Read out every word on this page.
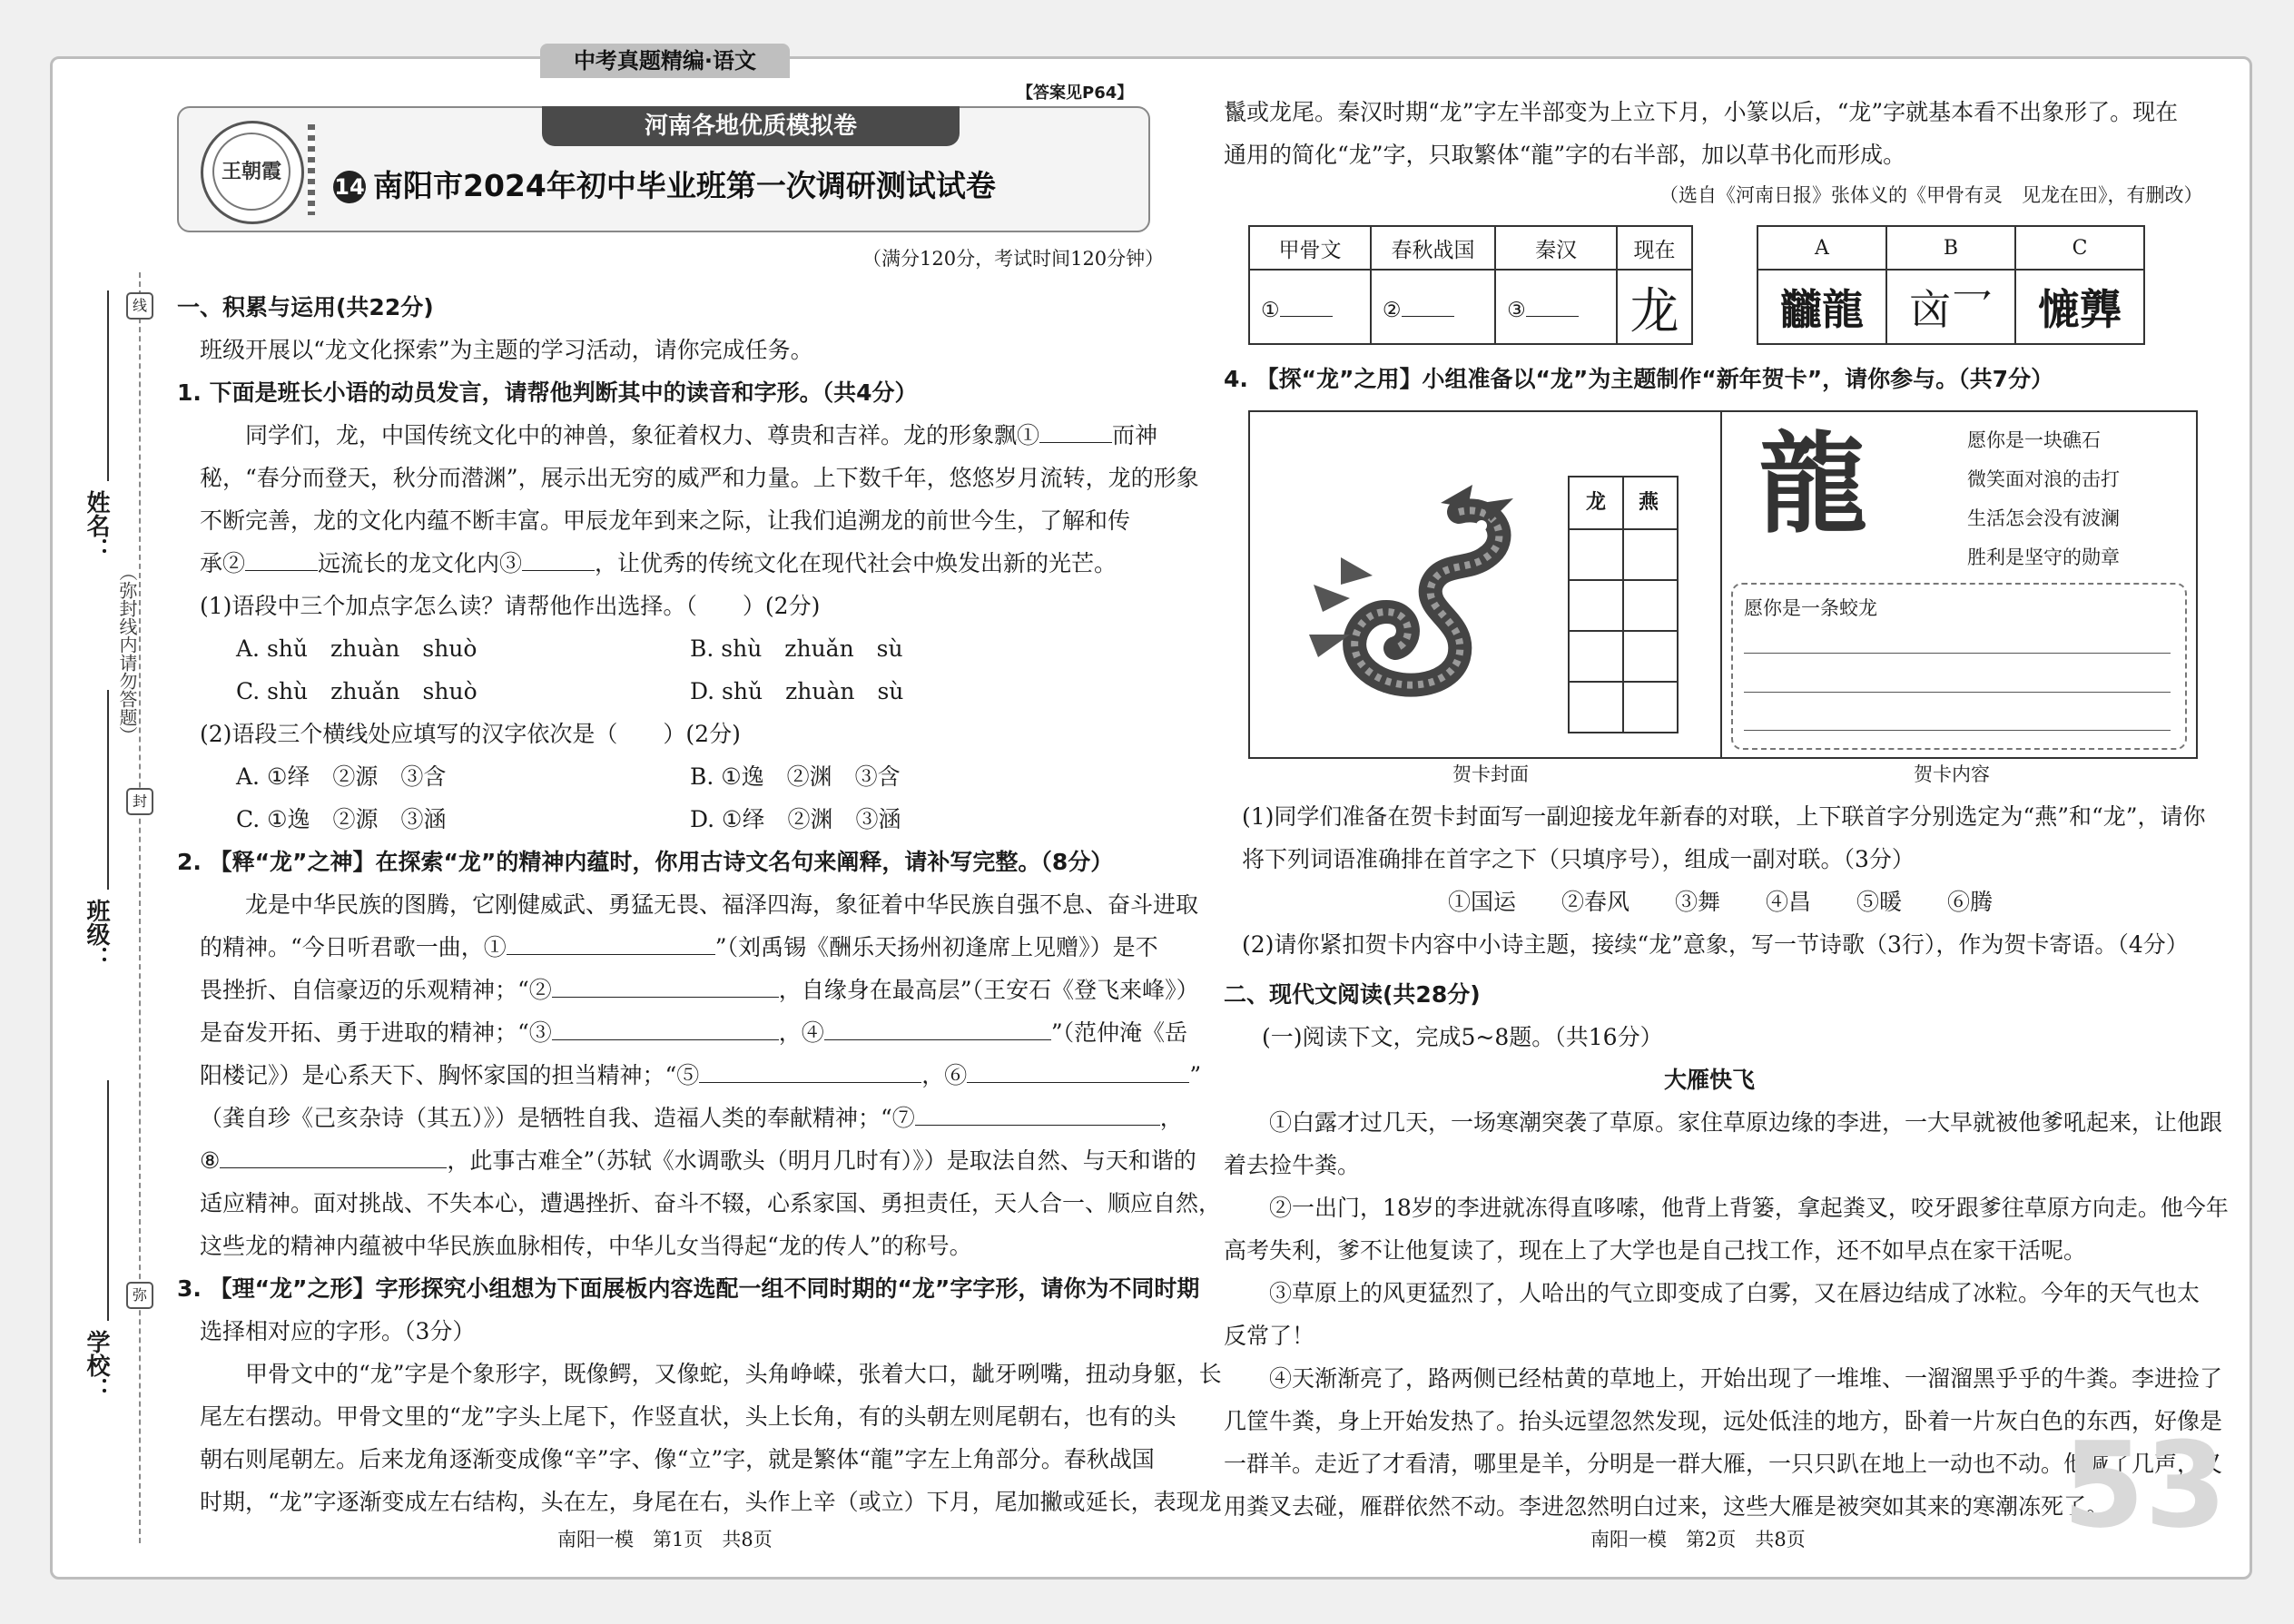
中考真题精编·语文
【答案见P64】
河南各地优质模拟卷
王朝霞
14 南阳市2024年初中毕业班第一次调研测试试卷
（满分120分，考试时间120分钟）
线
封
弥
（弥封线内请勿答题）
姓名：
班级：
学校：
一、积累与运用(共22分)
班级开展以“龙文化探索”为主题的学习活动，请你完成任务。
1. 下面是班长小语的动员发言，请帮他判断其中的读音和字形。（共4分）
同学们，龙，中国传统文化中的神兽，象征着权力、尊贵和吉祥。龙的形象飘①	而神
秘，“春分而登天，秋分而潜渊”，展示出无穷的威严和力量。上下数千年，悠悠岁月流转，龙的形象
不断完善，龙的文化内蕴不断丰富。甲辰龙年到来之际，让我们追溯龙的前世今生，了解和传
承②	远流长的龙文化内③	，让优秀的传统文化在现代社会中焕发出新的光芒。
(1)语段中三个加点字怎么读？请帮他作出选择。（　　）(2分)
A. shǔ　zhuàn　shuò	B. shù　zhuǎn　sù
C. shù　zhuǎn　shuò	D. shǔ　zhuàn　sù
(2)语段三个横线处应填写的汉字依次是（　　）(2分)
A. ①绎　②源　③含	B. ①逸　②渊　③含
C. ①逸　②源　③涵	D. ①绎　②渊　③涵
2. 【释“龙”之神】在探索“龙”的精神内蕴时，你用古诗文名句来阐释，请补写完整。（8分）
龙是中华民族的图腾，它刚健威武、勇猛无畏、福泽四海，象征着中华民族自强不息、奋斗进取
的精神。“今日听君歌一曲，①	”（刘禹锡《酬乐天扬州初逢席上见赠》）是不
畏挫折、自信豪迈的乐观精神；“②	，自缘身在最高层”（王安石《登飞来峰》）
是奋发开拓、勇于进取的精神；“③	，④	”（范仲淹《岳
阳楼记》）是心系天下、胸怀家国的担当精神；“⑤	，⑥	”
（龚自珍《己亥杂诗（其五）》）是牺牲自我、造福人类的奉献精神；“⑦	，
⑧	，此事古难全”（苏轼《水调歌头（明月几时有）》）是取法自然、与天和谐的
适应精神。面对挑战、不失本心，遭遇挫折、奋斗不辍，心系家国、勇担责任，天人合一、顺应自然，
这些龙的精神内蕴被中华民族血脉相传，中华儿女当得起“龙的传人”的称号。
3. 【理“龙”之形】字形探究小组想为下面展板内容选配一组不同时期的“龙”字字形，请你为不同时期
选择相对应的字形。（3分）
甲骨文中的“龙”字是个象形字，既像鳄，又像蛇，头角峥嵘，张着大口，龇牙咧嘴，扭动身躯，长
尾左右摆动。甲骨文里的“龙”字头上尾下，作竖直状，头上长角，有的头朝左则尾朝右，也有的头
朝右则尾朝左。后来龙角逐渐变成像“辛”字、像“立”字，就是繁体“龍”字左上角部分。春秋战国
时期，“龙”字逐渐变成左右结构，头在左，身尾在右，头作上辛（或立）下月，尾加撇或延长，表现龙
南阳一模　第1页　共8页
鬣或龙尾。秦汉时期“龙”字左半部变为上立下月，小篆以后，“龙”字就基本看不出象形了。现在
通用的简化“龙”字，只取繁体“龍”字的右半部，加以草书化而形成。
（选自《河南日报》张体义的《甲骨有灵　见龙在田》，有删改）
甲骨文	春秋战国	秦汉	现在
①	②	③	龙
A	B	C
龖龍	㐫⺂	㦇龏
4. 【探“龙”之用】小组准备以“龙”为主题制作“新年贺卡”，请你参与。（共7分）
龙	燕 龍	愿你是一块礁石
微笑面对浪的击打
生活怎会没有波澜
胜利是坚守的勋章
愿你是一条蛟龙
贺卡封面	贺卡内容
(1)同学们准备在贺卡封面写一副迎接龙年新春的对联，上下联首字分别选定为“燕”和“龙”，请你
将下列词语准确排在首字之下（只填序号），组成一副对联。（3分）
①国运　　②春风　　③舞　　④昌　　⑤暖　　⑥腾
(2)请你紧扣贺卡内容中小诗主题，接续“龙”意象，写一节诗歌（3行），作为贺卡寄语。（4分）
二、现代文阅读(共28分)
(一)阅读下文，完成5~8题。（共16分）
大雁快飞
①白露才过几天，一场寒潮突袭了草原。家住草原边缘的李进，一大早就被他爹吼起来，让他跟
着去捡牛粪。
②一出门，18岁的李进就冻得直哆嗦，他背上背篓，拿起粪叉，咬牙跟爹往草原方向走。他今年
高考失利，爹不让他复读了，现在上了大学也是自己找工作，还不如早点在家干活呢。
③草原上的风更猛烈了，人哈出的气立即变成了白雾，又在唇边结成了冰粒。今年的天气也太
反常了！
④天渐渐亮了，路两侧已经枯黄的草地上，开始出现了一堆堆、一溜溜黑乎乎的牛粪。李进捡了
几筐牛粪，身上开始发热了。抬头远望忽然发现，远处低洼的地方，卧着一片灰白色的东西，好像是
一群羊。走近了才看清，哪里是羊，分明是一群大雁，一只只趴在地上一动也不动。他喊了几声，又
用粪叉去碰，雁群依然不动。李进忽然明白过来，这些大雁是被突如其来的寒潮冻死了。
53
南阳一模　第2页　共8页
